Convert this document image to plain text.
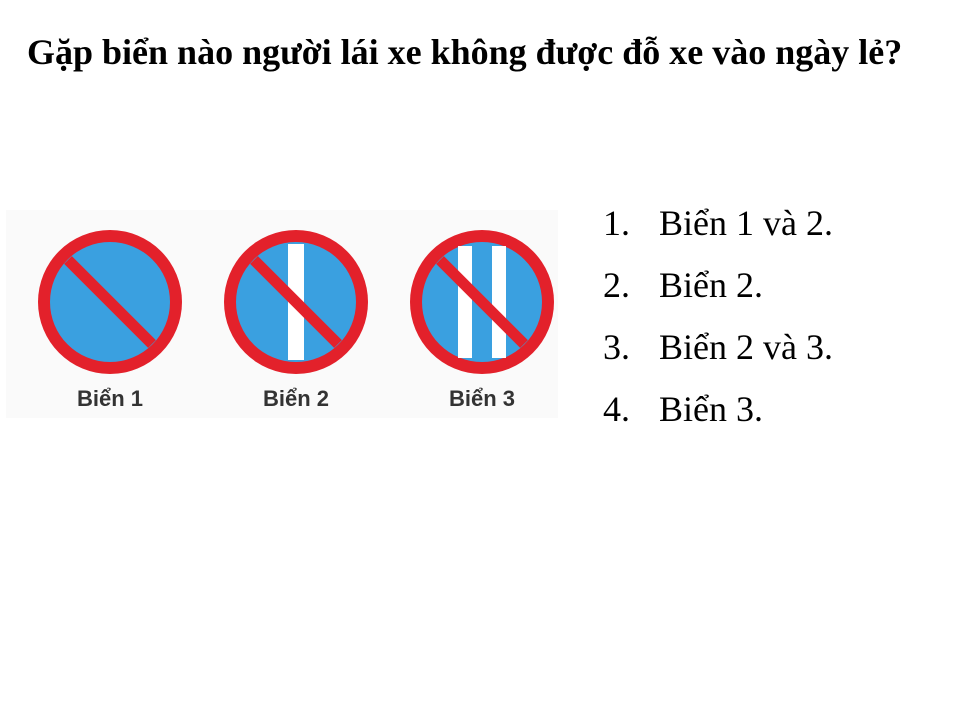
Gặp biển nào người lái xe không được đỗ xe vào ngày lẻ?
Biển 1	Biển 2	Biển 3
1. Biển 1 và 2.
2. Biển 2.
3. Biển 2 và 3.
4. Biển 3.
